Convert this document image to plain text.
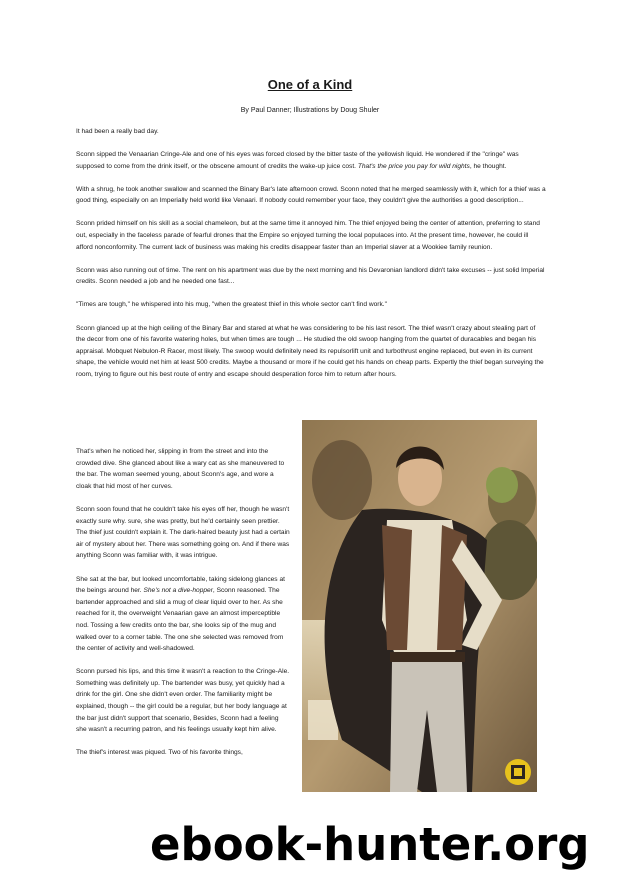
One of a Kind

By Paul Danner; Illustrations by Doug Shuler

It had been a really bad day.

Sconn sipped the Venaarian Cringe-Ale and one of his eyes was forced closed by the bitter taste of the yellowish liquid. He wondered if the "cringe" was supposed to come from the drink itself, or the obscene amount of credits the wake-up juice cost. That's the price you pay for wild nights, he thought.

With a shrug, he took another swallow and scanned the Binary Bar's late afternoon crowd. Sconn noted that he merged seamlessly with it, which for a thief was a good thing, especially on an Imperially held world like Venaari. If nobody could remember your face, they couldn't give the authorities a good description...

Sconn prided himself on his skill as a social chameleon, but at the same time it annoyed him. The thief enjoyed being the center of attention, preferring to stand out, especially in the faceless parade of fearful drones that the Empire so enjoyed turning the local populaces into. At the present time, however, he could ill afford nonconformity. The current lack of business was making his credits disappear faster than an Imperial slaver at a Wookiee family reunion.

Sconn was also running out of time. The rent on his apartment was due by the next morning and his Devaronian landlord didn't take excuses -- just solid Imperial credits. Sconn needed a job and he needed one fast...

"Times are tough," he whispered into his mug, "when the greatest thief in this whole sector can't find work."

Sconn glanced up at the high ceiling of the Binary Bar and stared at what he was considering to be his last resort. The thief wasn't crazy about stealing part of the decor from one of his favorite watering holes, but when times are tough ... He studied the old swoop hanging from the quartet of duracables and began his appraisal. Mobquet Nebulon-R Racer, most likely. The swoop would definitely need its repulsorlift unit and turbothrust engine replaced, but even in its current shape, the vehicle would net him at least 500 credits. Maybe a thousand or more if he could get his hands on cheap parts. Expertly the thief began surveying the room, trying to figure out his best route of entry and escape should desperation force him to return after hours.

That's when he noticed her, slipping in from the street and into the crowded dive. She glanced about like a wary cat as she maneuvered to the bar. The woman seemed young, about Sconn's age, and wore a cloak that hid most of her curves.

Sconn soon found that he couldn't take his eyes off her, though he wasn't exactly sure why. sure, she was pretty, but he'd certainly seen prettier. The thief just couldn't explain it. The dark-haired beauty just had a certain air of mystery about her. There was something going on. And if there was anything Sconn was familiar with, it was intrigue.

She sat at the bar, but looked uncomfortable, taking sidelong glances at the beings around her. She's not a dive-hopper, Sconn reasoned. The bartender approached and slid a mug of clear liquid over to her. As she reached for it, the overweight Venaarian gave an almost imperceptible nod. Tossing a few credits onto the bar, she looks sip of the mug and walked over to a corner table. The one she selected was removed from the center of activity and well-shadowed.

Sconn pursed his lips, and this time it wasn't a reaction to the Cringe-Ale. Something was definitely up. The bartender was busy, yet quickly had a drink for the girl. One she didn't even order. The familiarity might be explained, though -- the girl could be a regular, but her body language at the bar just didn't support that scenario, Besides, Sconn had a feeling she wasn't a recurring patron, and his feelings usually kept him alive.

The thief's interest was piqued. Two of his favorite things,

ebook-hunter.org
